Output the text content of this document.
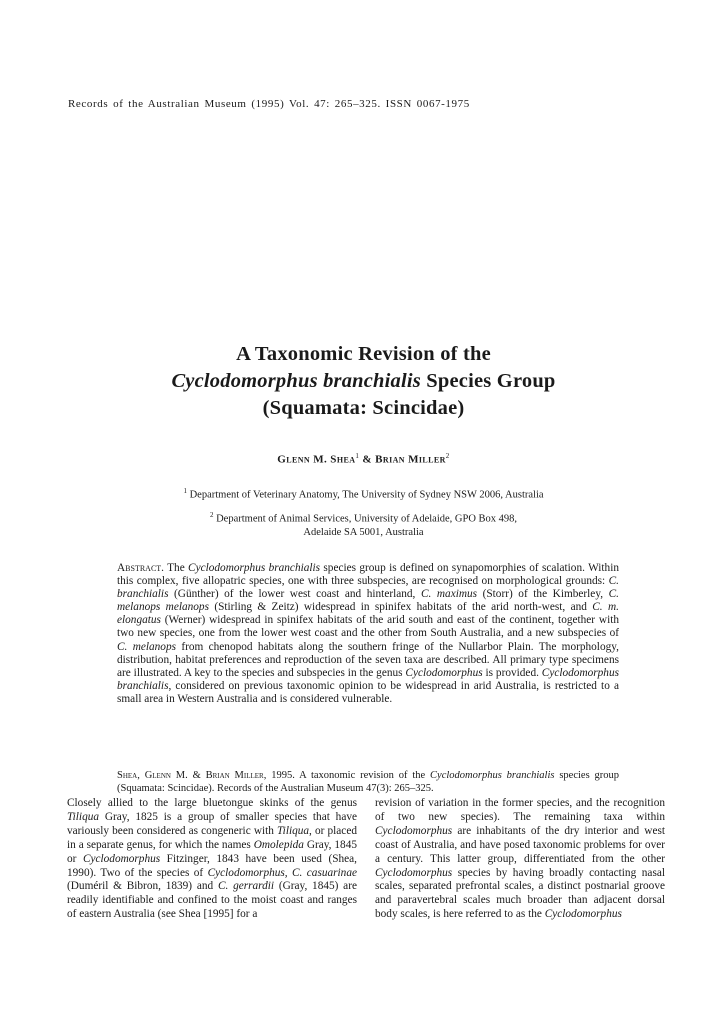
Records of the Australian Museum (1995) Vol. 47: 265–325. ISSN 0067-1975
A Taxonomic Revision of the
Cyclodomorphus branchialis Species Group
(Squamata: Scincidae)
Glenn M. Shea$^1$ & Brian Miller$^2$
$^1$ Department of Veterinary Anatomy, The University of Sydney NSW 2006, Australia
$^2$ Department of Animal Services, University of Adelaide, GPO Box 498,
Adelaide SA 5001, Australia
Abstract. The Cyclodomorphus branchialis species group is defined on synapomorphies of scalation. Within this complex, five allopatric species, one with three subspecies, are recognised on morphological grounds: C. branchialis (Günther) of the lower west coast and hinterland, C. maximus (Storr) of the Kimberley, C. melanops melanops (Stirling & Zeitz) widespread in spinifex habitats of the arid north-west, and C. m. elongatus (Werner) widespread in spinifex habitats of the arid south and east of the continent, together with two new species, one from the lower west coast and the other from South Australia, and a new subspecies of C. melanops from chenopod habitats along the southern fringe of the Nullarbor Plain. The morphology, distribution, habitat preferences and reproduction of the seven taxa are described. All primary type specimens are illustrated. A key to the species and subspecies in the genus Cyclodomorphus is provided. Cyclodomorphus branchialis, considered on previous taxonomic opinion to be widespread in arid Australia, is restricted to a small area in Western Australia and is considered vulnerable.
Shea, Glenn M. & Brian Miller, 1995. A taxonomic revision of the Cyclodomorphus branchialis species group (Squamata: Scincidae). Records of the Australian Museum 47(3): 265–325.
Closely allied to the large bluetongue skinks of the genus Tiliqua Gray, 1825 is a group of smaller species that have variously been considered as congeneric with Tiliqua, or placed in a separate genus, for which the names Omolepida Gray, 1845 or Cyclodomorphus Fitzinger, 1843 have been used (Shea, 1990). Two of the species of Cyclodomorphus, C. casuarinae (Duméril & Bibron, 1839) and C. gerrardii (Gray, 1845) are readily identifiable and confined to the moist coast and ranges of eastern Australia (see Shea [1995] for a
revision of variation in the former species, and the recognition of two new species). The remaining taxa within Cyclodomorphus are inhabitants of the dry interior and west coast of Australia, and have posed taxonomic problems for over a century. This latter group, differentiated from the other Cyclodomorphus species by having broadly contacting nasal scales, separated prefrontal scales, a distinct postnarial groove and paravertebral scales much broader than adjacent dorsal body scales, is here referred to as the Cyclodomorphus
